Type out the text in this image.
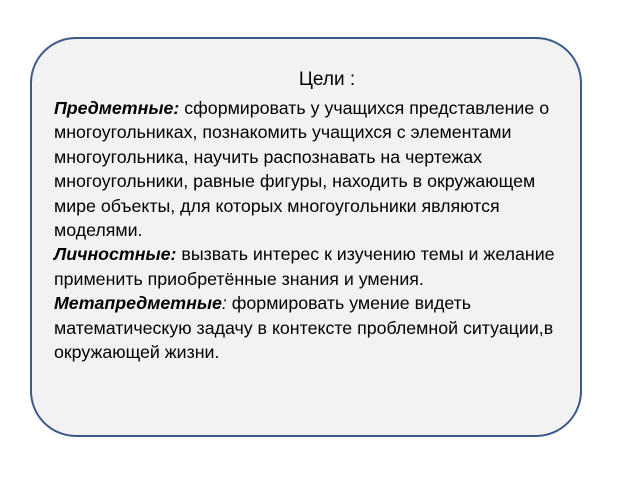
Цели :

Предметные: сформировать у учащихся представление о многоугольниках, познакомить учащихся с элементами многоугольника, научить распознавать на чертежах многоугольники, равные фигуры, находить в окружающем мире объекты, для которых многоугольники являются моделями.

Личностные: вызвать интерес к изучению темы и желание применить приобретённые знания и умения.

Метапредметные: формировать умение видеть математическую задачу в контексте проблемной ситуации,в окружающей жизни.
